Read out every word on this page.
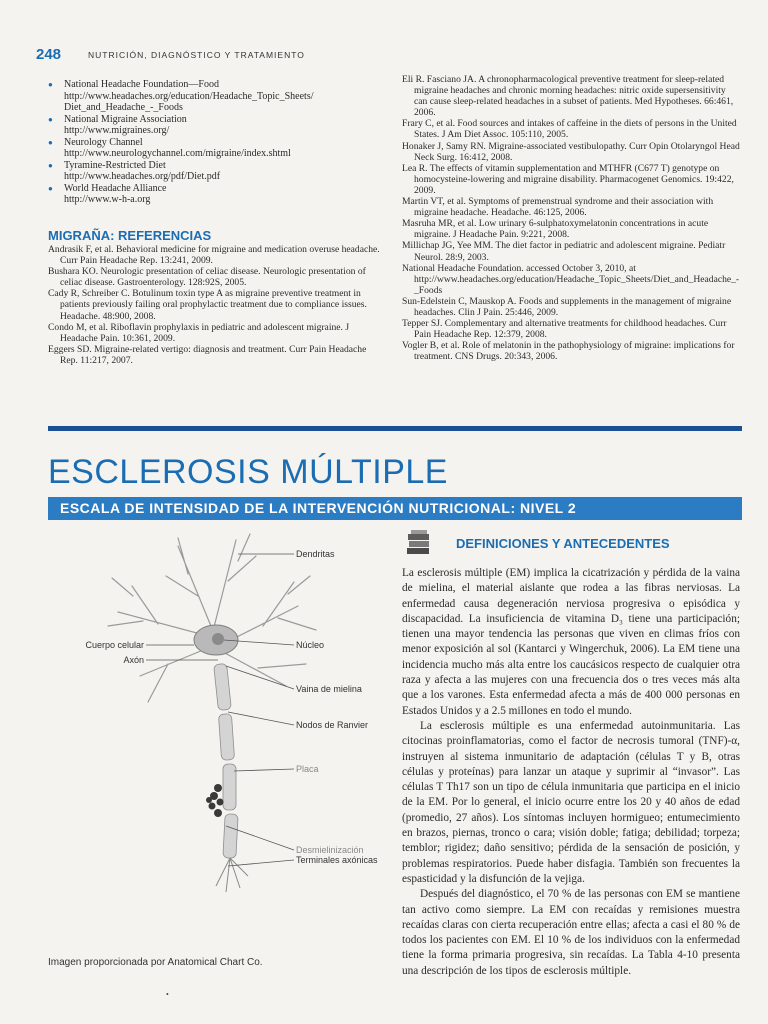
248	NUTRICIÓN, DIAGNÓSTICO Y TRATAMIENTO
● National Headache Foundation—Food
http://www.headaches.org/education/Headache_Topic_Sheets/ Diet_and_Headache_-_Foods
● National Migraine Association
http://www.migraines.org/
● Neurology Channel
http://www.neurologychannel.com/migraine/index.shtml
● Tyramine-Restricted Diet
http://www.headaches.org/pdf/Diet.pdf
● World Headache Alliance
http://www.w-h-a.org
MIGRAÑA: REFERENCIAS

Andrasik F, et al. Behavioral medicine for migraine and medication overuse headache. Curr Pain Headache Rep. 13:241, 2009.

Bushara KO. Neurologic presentation of celiac disease. Neurologic presentation of celiac disease. Gastroenterology. 128:92S, 2005.

Cady R, Schreiber C. Botulinum toxin type A as migraine preventive treatment in patients previously failing oral prophylactic treatment due to compliance issues. Headache. 48:900, 2008.

Condo M, et al. Riboflavin prophylaxis in pediatric and adolescent migraine. J Headache Pain. 10:361, 2009.

Eggers SD. Migraine-related vertigo: diagnosis and treatment. Curr Pain Headache Rep. 11:217, 2007.

Eli R. Fasciano JA. A chronopharmacological preventive treatment for sleep-related migraine headaches and chronic morning headaches: nitric oxide supersensitivity can cause sleep-related headaches in a subset of patients. Med Hypotheses. 66:461, 2006.

Frary C, et al. Food sources and intakes of caffeine in the diets of persons in the United States. J Am Diet Assoc. 105:110, 2005.

Honaker J, Samy RN. Migraine-associated vestibulopathy. Curr Opin Otolaryngol Head Neck Surg. 16:412, 2008.

Lea R. The effects of vitamin supplementation and MTHFR (C677 T) genotype on homocysteine-lowering and migraine disability. Pharmacogenet Genomics. 19:422, 2009.

Martin VT, et al. Symptoms of premenstrual syndrome and their association with migraine headache. Headache. 46:125, 2006.

Masruha MR, et al. Low urinary 6-sulphatoxymelatonin concentrations in acute migraine. J Headache Pain. 9:221, 2008.

Millichap JG, Yee MM. The diet factor in pediatric and adolescent migraine. Pediatr Neurol. 28:9, 2003.

National Headache Foundation. accessed October 3, 2010, at http://www.headaches.org/education/Headache_Topic_Sheets/Diet_and_Headache_-_Foods

Sun-Edelstein C, Mauskop A. Foods and supplements in the management of migraine headaches. Clin J Pain. 25:446, 2009.

Tepper SJ. Complementary and alternative treatments for childhood headaches. Curr Pain Headache Rep. 12:379, 2008.

Vogler B, et al. Role of melatonin in the pathophysiology of migraine: implications for treatment. CNS Drugs. 20:343, 2006.

ESCLEROSIS MÚLTIPLE
ESCALA DE INTENSIDAD DE LA INTERVENCIÓN NUTRICIONAL: NIVEL 2
Dendritas
Cuerpo celular
Axón
Núcleo
Vaina de mielina
Nodos de Ranvier
Placa
Desmielinización
Terminales axónicas
Imagen proporcionada por Anatomical Chart Co.
DEFINICIONES Y ANTECEDENTES

La esclerosis múltiple (EM) implica la cicatrización y pérdida de la vaina de mielina, el material aislante que rodea a las fibras nerviosas. La enfermedad causa degeneración nerviosa progresiva o episódica y discapacidad. La insuficiencia de vitamina D₃ tiene una participación; tienen una mayor tendencia las personas que viven en climas fríos con menor exposición al sol (Kantarci y Wingerchuk, 2006). La EM tiene una incidencia mucho más alta entre los caucásicos respecto de cualquier otra raza y afecta a las mujeres con una frecuencia dos o tres veces más alta que a los varones. Esta enfermedad afecta a más de 400 000 personas en Estados Unidos y a 2.5 millones en todo el mundo.

La esclerosis múltiple es una enfermedad autoinmunitaria. Las citocinas proinflamatorias, como el factor de necrosis tumoral (TNF)-α, instruyen al sistema inmunitario de adaptación (células T y B, otras células y proteínas) para lanzar un ataque y suprimir al “invasor”. Las células T Th17 son un tipo de célula inmunitaria que participa en el inicio de la EM. Por lo general, el inicio ocurre entre los 20 y 40 años de edad (promedio, 27 años). Los síntomas incluyen hormigueo; entumecimiento en brazos, piernas, tronco o cara; visión doble; fatiga; debilidad; torpeza; temblor; rigidez; daño sensitivo; pérdida de la sensación de posición, y problemas respiratorios. Puede haber disfagia. También son frecuentes la espasticidad y la disfunción de la vejiga.

Después del diagnóstico, el 70 % de las personas con EM se mantiene tan activo como siempre. La EM con recaídas y remisiones muestra recaídas claras con cierta recuperación entre ellas; afecta a casi el 80 % de todos los pacientes con EM. El 10 % de los individuos con la enfermedad tiene la forma primaria progresiva, sin recaídas. La Tabla 4-10 presenta una descripción de los tipos de esclerosis múltiple.

•
